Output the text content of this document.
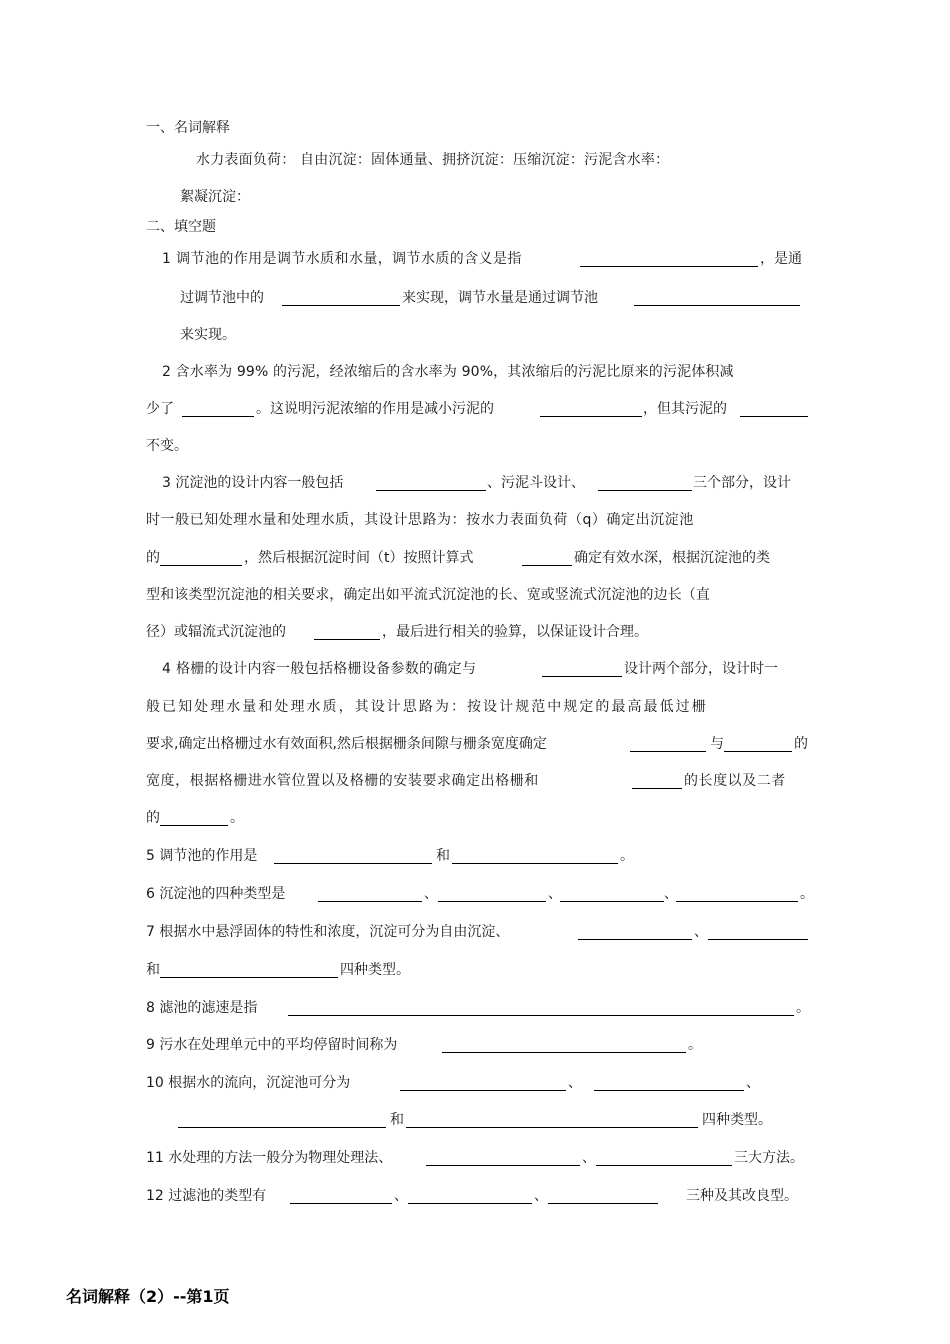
一、名词解释
水力表面负荷： 自由沉淀：固体通量、拥挤沉淀：压缩沉淀：污泥含水率：
絮凝沉淀：
二、填空题
1 调节池的作用是调节水质和水量，调节水质的含义是指	，是通
过调节池中的	来实现，调节水量是通过调节池
来实现。
2 含水率为 99% 的污泥，经浓缩后的含水率为 90%，其浓缩后的污泥比原来的污泥体积减
少了	。这说明污泥浓缩的作用是减小污泥的	，但其污泥的
不变。
3 沉淀池的设计内容一般包括	、污泥斗设计、	三个部分，设计
时一般已知处理水量和处理水质，其设计思路为：按水力表面负荷（q）确定出沉淀池
的	，然后根据沉淀时间（t）按照计算式	确定有效水深，根据沉淀池的类
型和该类型沉淀池的相关要求，确定出如平流式沉淀池的长、宽或竖流式沉淀池的边长（直
径）或辐流式沉淀池的	，最后进行相关的验算，以保证设计合理。
4 格栅的设计内容一般包括格栅设备参数的确定与	设计两个部分，设计时一
般已知处理水量和处理水质，其设计思路为：按设计规范中规定的最高最低过栅
要求,确定出格栅过水有效面积,然后根据栅条间隙与栅条宽度确定	与	的
宽度，根据格栅进水管位置以及格栅的安装要求确定出格栅和	的长度以及二者
的	。
5 调节池的作用是	和	。
6 沉淀池的四种类型是	、	、	、	。
7 根据水中悬浮固体的特性和浓度，沉淀可分为自由沉淀、	、
和	四种类型。
8 滤池的滤速是指	。
9 污水在处理单元中的平均停留时间称为	。
10 根据水的流向，沉淀池可分为	、	、
和	四种类型。
11 水处理的方法一般分为物理处理法、	、	三大方法。
12 过滤池的类型有	、	、	三种及其改良型。
名词解释（2）--第1页
